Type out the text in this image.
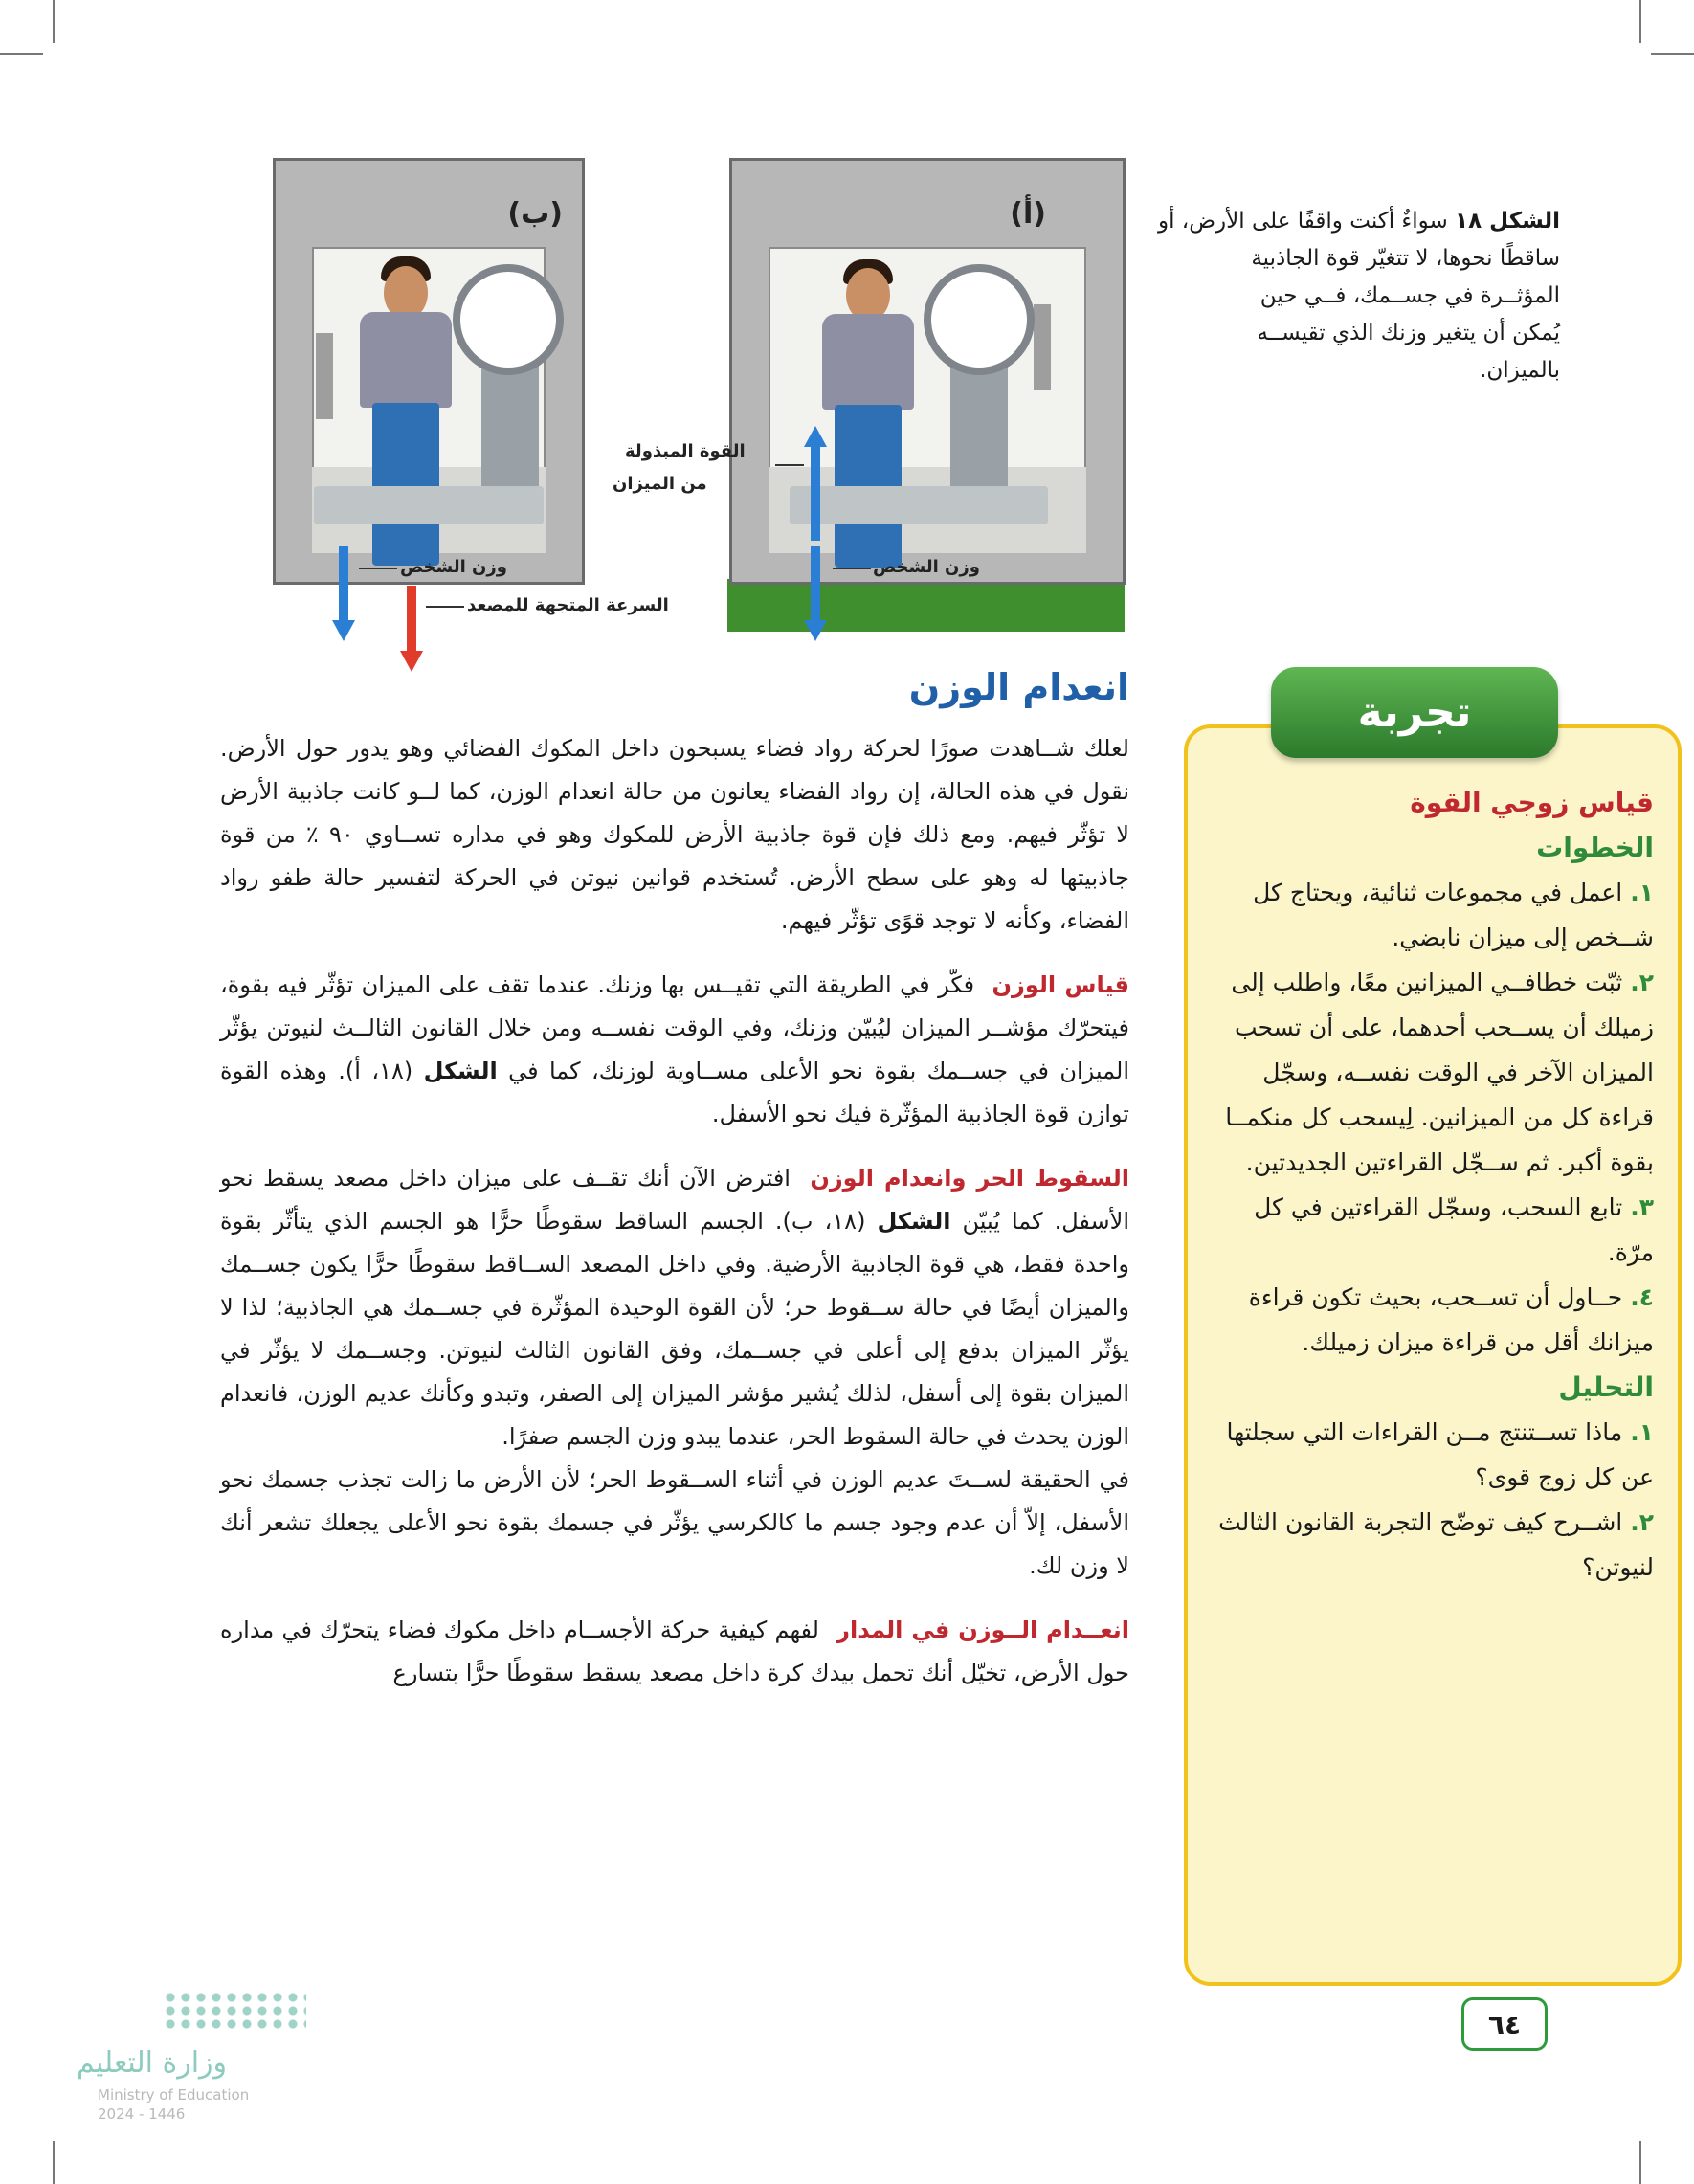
الشكل ١٨ سواءٌ أكنت واقفًا على الأرض، أو
ساقطًا نحوها، لا تتغيّر قوة الجاذبية
المؤثــرة في جســمك، فــي حين
يُمكن أن يتغير وزنك الذي تقيســه
بالميزان.
(أ)
وزن الشخص
القوة المبذولة
من الميزان
(ب)
وزن الشخص
السرعة المتجهة للمصعد
انعدام الوزن

لعلك شــاهدت صورًا لحركة رواد فضاء يسبحون داخل المكوك الفضائي وهو يدور حول الأرض. نقول في هذه الحالة، إن رواد الفضاء يعانون من حالة انعدام الوزن، كما لــو كانت جاذبية الأرض لا تؤثّر فيهم. ومع ذلك فإن قوة جاذبية الأرض للمكوك وهو في مداره تســاوي ٩٠ ٪ من قوة جاذبيتها له وهو على سطح الأرض. تُستخدم قوانين نيوتن في الحركة لتفسير حالة طفو رواد الفضاء، وكأنه لا توجد قوًى تؤثّر فيهم.

قياس الوزن فكّر في الطريقة التي تقيــس بها وزنك. عندما تقف على الميزان تؤثّر فيه بقوة، فيتحرّك مؤشــر الميزان ليُبيّن وزنك، وفي الوقت نفســه ومن خلال القانون الثالــث لنيوتن يؤثّر الميزان في جســمك بقوة نحو الأعلى مســاوية لوزنك، كما في الشكل (١٨، أ). وهذه القوة توازن قوة الجاذبية المؤثّرة فيك نحو الأسفل.

السقوط الحر وانعدام الوزن افترض الآن أنك تقــف على ميزان داخل مصعد يسقط نحو الأسفل. كما يُبيّن الشكل (١٨، ب). الجسم الساقط سقوطًا حرًّا هو الجسم الذي يتأثّر بقوة واحدة فقط، هي قوة الجاذبية الأرضية. وفي داخل المصعد الســاقط سقوطًا حرًّا يكون جســمك والميزان أيضًا في حالة ســقوط حر؛ لأن القوة الوحيدة المؤثّرة في جســمك هي الجاذبية؛ لذا لا يؤثّر الميزان بدفع إلى أعلى في جســمك، وفق القانون الثالث لنيوتن. وجســمك لا يؤثّر في الميزان بقوة إلى أسفل، لذلك يُشير مؤشر الميزان إلى الصفر، وتبدو وكأنك عديم الوزن، فانعدام الوزن يحدث في حالة السقوط الحر، عندما يبدو وزن الجسم صفرًا.

في الحقيقة لســتَ عديم الوزن في أثناء الســقوط الحر؛ لأن الأرض ما زالت تجذب جسمك نحو الأسفل، إلاّ أن عدم وجود جسم ما كالكرسي يؤثّر في جسمك بقوة نحو الأعلى يجعلك تشعر أنك لا وزن لك.

انعــدام الــوزن في المدار لفهم كيفية حركة الأجســام داخل مكوك فضاء يتحرّك في مداره حول الأرض، تخيّل أنك تحمل بيدك كرة داخل مصعد يسقط سقوطًا حرًّا بتسارع

تجربة
قياس زوجي القوة
الخطوات

١.اعمل في مجموعات ثنائية، ويحتاج كل شــخص إلى ميزان نابضي.

٢.ثبّت خطافــي الميزانين معًا، واطلب إلى زميلك أن يســحب أحدهما، على أن تسحب الميزان الآخر في الوقت نفســه، وسجّل قراءة كل من الميزانين. لِيسحب كل منكمــا بقوة أكبر. ثم ســجّل القراءتين الجديدتين.

٣.تابع السحب، وسجّل القراءتين في كل مرّة.

٤.حــاول أن تســحب، بحيث تكون قراءة ميزانك أقل من قراءة ميزان زميلك.

التحليل

١.ماذا تســتنتج مــن القراءات التي سجلتها عن كل زوج قوى؟

٢.اشــرح كيف توضّح التجربة القانون الثالث لنيوتن؟

٦٤
وزارة التعليم
Ministry of Education
2024 - 1446
